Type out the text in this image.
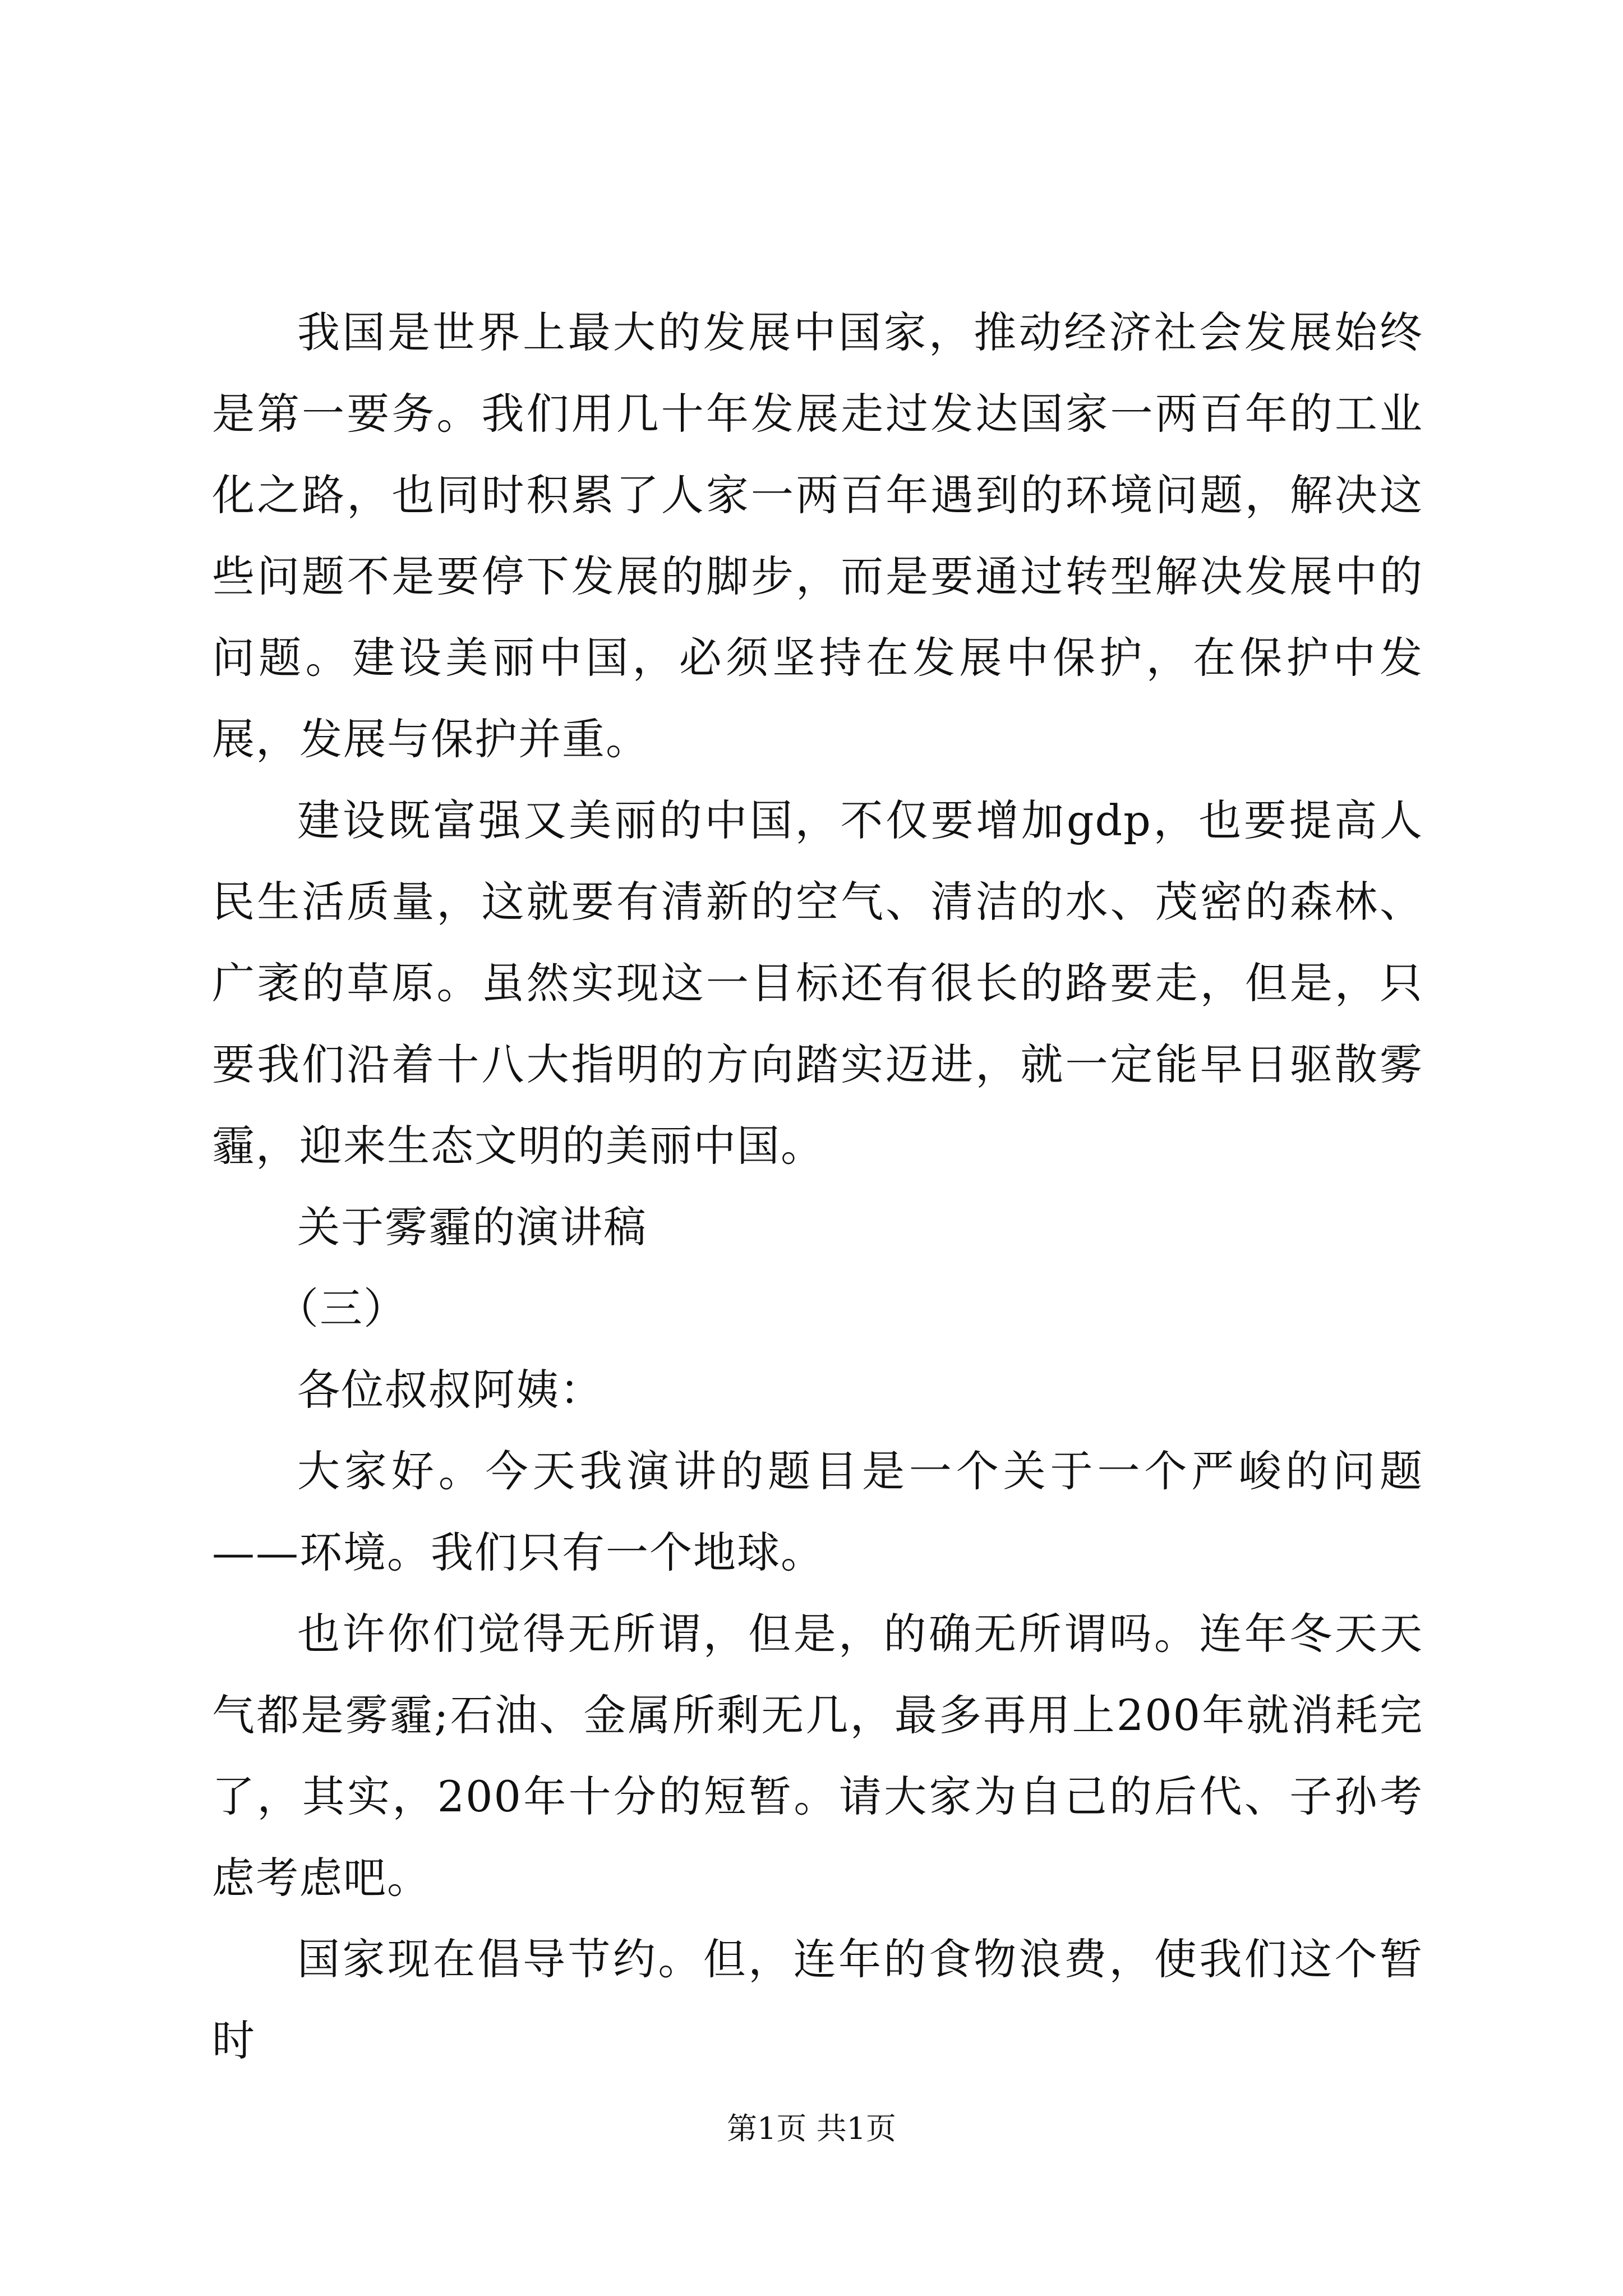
我国是世界上最大的发展中国家，推动经济社会发展始终是第一要务。我们用几十年发展走过发达国家一两百年的工业化之路，也同时积累了人家一两百年遇到的环境问题，解决这些问题不是要停下发展的脚步，而是要通过转型解决发展中的问题。建设美丽中国，必须坚持在发展中保护，在保护中发展，发展与保护并重。

建设既富强又美丽的中国，不仅要增加gdp，也要提高人民生活质量，这就要有清新的空气、清洁的水、茂密的森林、广袤的草原。虽然实现这一目标还有很长的路要走，但是，只要我们沿着十八大指明的方向踏实迈进，就一定能早日驱散雾霾，迎来生态文明的美丽中国。

关于雾霾的演讲稿

（三）

各位叔叔阿姨：

大家好。今天我演讲的题目是一个关于一个严峻的问题——环境。我们只有一个地球。

也许你们觉得无所谓，但是，的确无所谓吗。连年冬天天气都是雾霾;石油、金属所剩无几，最多再用上200年就消耗完了，其实，200年十分的短暂。请大家为自己的后代、子孙考虑考虑吧。

国家现在倡导节约。但，连年的食物浪费，使我们这个暂时

第1页 共1页
